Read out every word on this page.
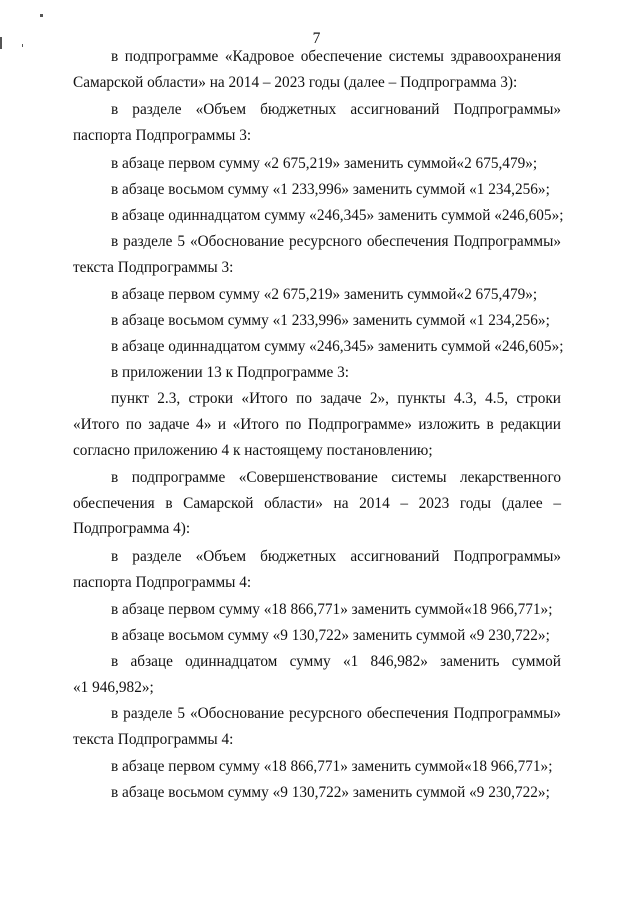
7

в подпрограмме «Кадровое обеспечение системы здравоохранения

Самарской области» на 2014 – 2023 годы (далее – Подпрограмма 3):

в разделе «Объем бюджетных ассигнований Подпрограммы»

паспорта Подпрограммы 3:

в абзаце первом сумму «2 675,219» заменить суммой«2 675,479»;

в абзаце восьмом сумму «1 233,996» заменить суммой «1 234,256»;

в абзаце одиннадцатом сумму «246,345» заменить суммой «246,605»;

в разделе 5 «Обоснование ресурсного обеспечения Подпрограммы»

текста Подпрограммы 3:

в абзаце первом сумму «2 675,219» заменить суммой«2 675,479»;

в абзаце восьмом сумму «1 233,996» заменить суммой «1 234,256»;

в абзаце одиннадцатом сумму «246,345» заменить суммой «246,605»;

в приложении 13 к Подпрограмме 3:

пункт 2.3, строки «Итого по задаче 2», пункты 4.3, 4.5, строки

«Итого по задаче 4» и «Итого по Подпрограмме» изложить в редакции

согласно приложению 4 к настоящему постановлению;

в подпрограмме «Совершенствование системы лекарственного

обеспечения в Самарской области» на 2014 – 2023 годы (далее –

Подпрограмма 4):

в разделе «Объем бюджетных ассигнований Подпрограммы»

паспорта Подпрограммы 4:

в абзаце первом сумму «18 866,771» заменить суммой«18 966,771»;

в абзаце восьмом сумму «9 130,722» заменить суммой «9 230,722»;

в абзаце одиннадцатом сумму «1 846,982» заменить суммой

«1 946,982»;

в разделе 5 «Обоснование ресурсного обеспечения Подпрограммы»

текста Подпрограммы 4:

в абзаце первом сумму «18 866,771» заменить суммой«18 966,771»;

в абзаце восьмом сумму «9 130,722» заменить суммой «9 230,722»;
